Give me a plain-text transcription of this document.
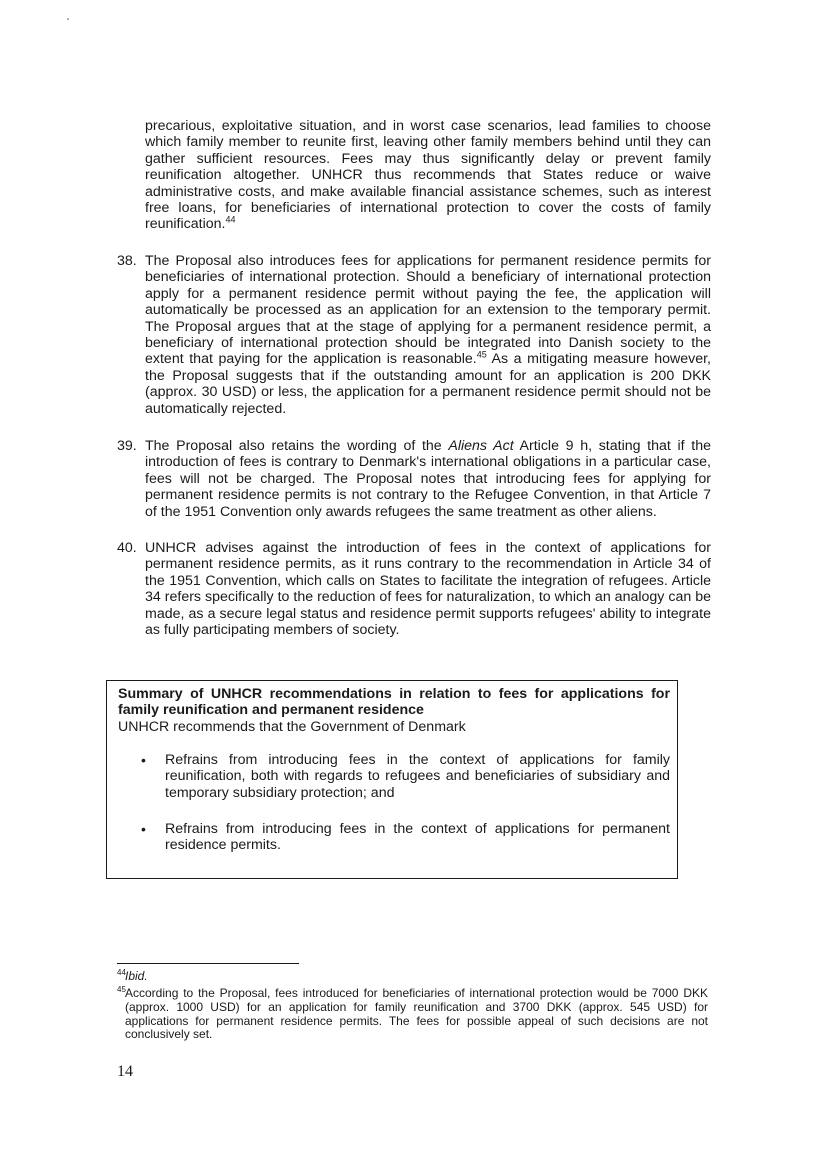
precarious, exploitative situation, and in worst case scenarios, lead families to choose which family member to reunite first, leaving other family members behind until they can gather sufficient resources. Fees may thus significantly delay or prevent family reunification altogether. UNHCR thus recommends that States reduce or waive administrative costs, and make available financial assistance schemes, such as interest free loans, for beneficiaries of international protection to cover the costs of family reunification.$^{44}$

38. The Proposal also introduces fees for applications for permanent residence permits for beneficiaries of international protection. Should a beneficiary of international protection apply for a permanent residence permit without paying the fee, the application will automatically be processed as an application for an extension to the temporary permit. The Proposal argues that at the stage of applying for a permanent residence permit, a beneficiary of international protection should be integrated into Danish society to the extent that paying for the application is reasonable.$^{45}$ As a mitigating measure however, the Proposal suggests that if the outstanding amount for an application is 200 DKK (approx. 30 USD) or less, the application for a permanent residence permit should not be automatically rejected.

39. The Proposal also retains the wording of the Aliens Act Article 9 h, stating that if the introduction of fees is contrary to Denmark's international obligations in a particular case, fees will not be charged. The Proposal notes that introducing fees for applying for permanent residence permits is not contrary to the Refugee Convention, in that Article 7 of the 1951 Convention only awards refugees the same treatment as other aliens.

40. UNHCR advises against the introduction of fees in the context of applications for permanent residence permits, as it runs contrary to the recommendation in Article 34 of the 1951 Convention, which calls on States to facilitate the integration of refugees. Article 34 refers specifically to the reduction of fees for naturalization, to which an analogy can be made, as a secure legal status and residence permit supports refugees' ability to integrate as fully participating members of society.

Summary of UNHCR recommendations in relation to fees for applications for family reunification and permanent residence
UNHCR recommends that the Government of Denmark
• Refrains from introducing fees in the context of applications for family reunification, both with regards to refugees and beneficiaries of subsidiary and temporary subsidiary protection; and
• Refrains from introducing fees in the context of applications for permanent residence permits.
44 Ibid.
45 According to the Proposal, fees introduced for beneficiaries of international protection would be 7000 DKK (approx. 1000 USD) for an application for family reunification and 3700 DKK (approx. 545 USD) for applications for permanent residence permits. The fees for possible appeal of such decisions are not conclusively set.
14
